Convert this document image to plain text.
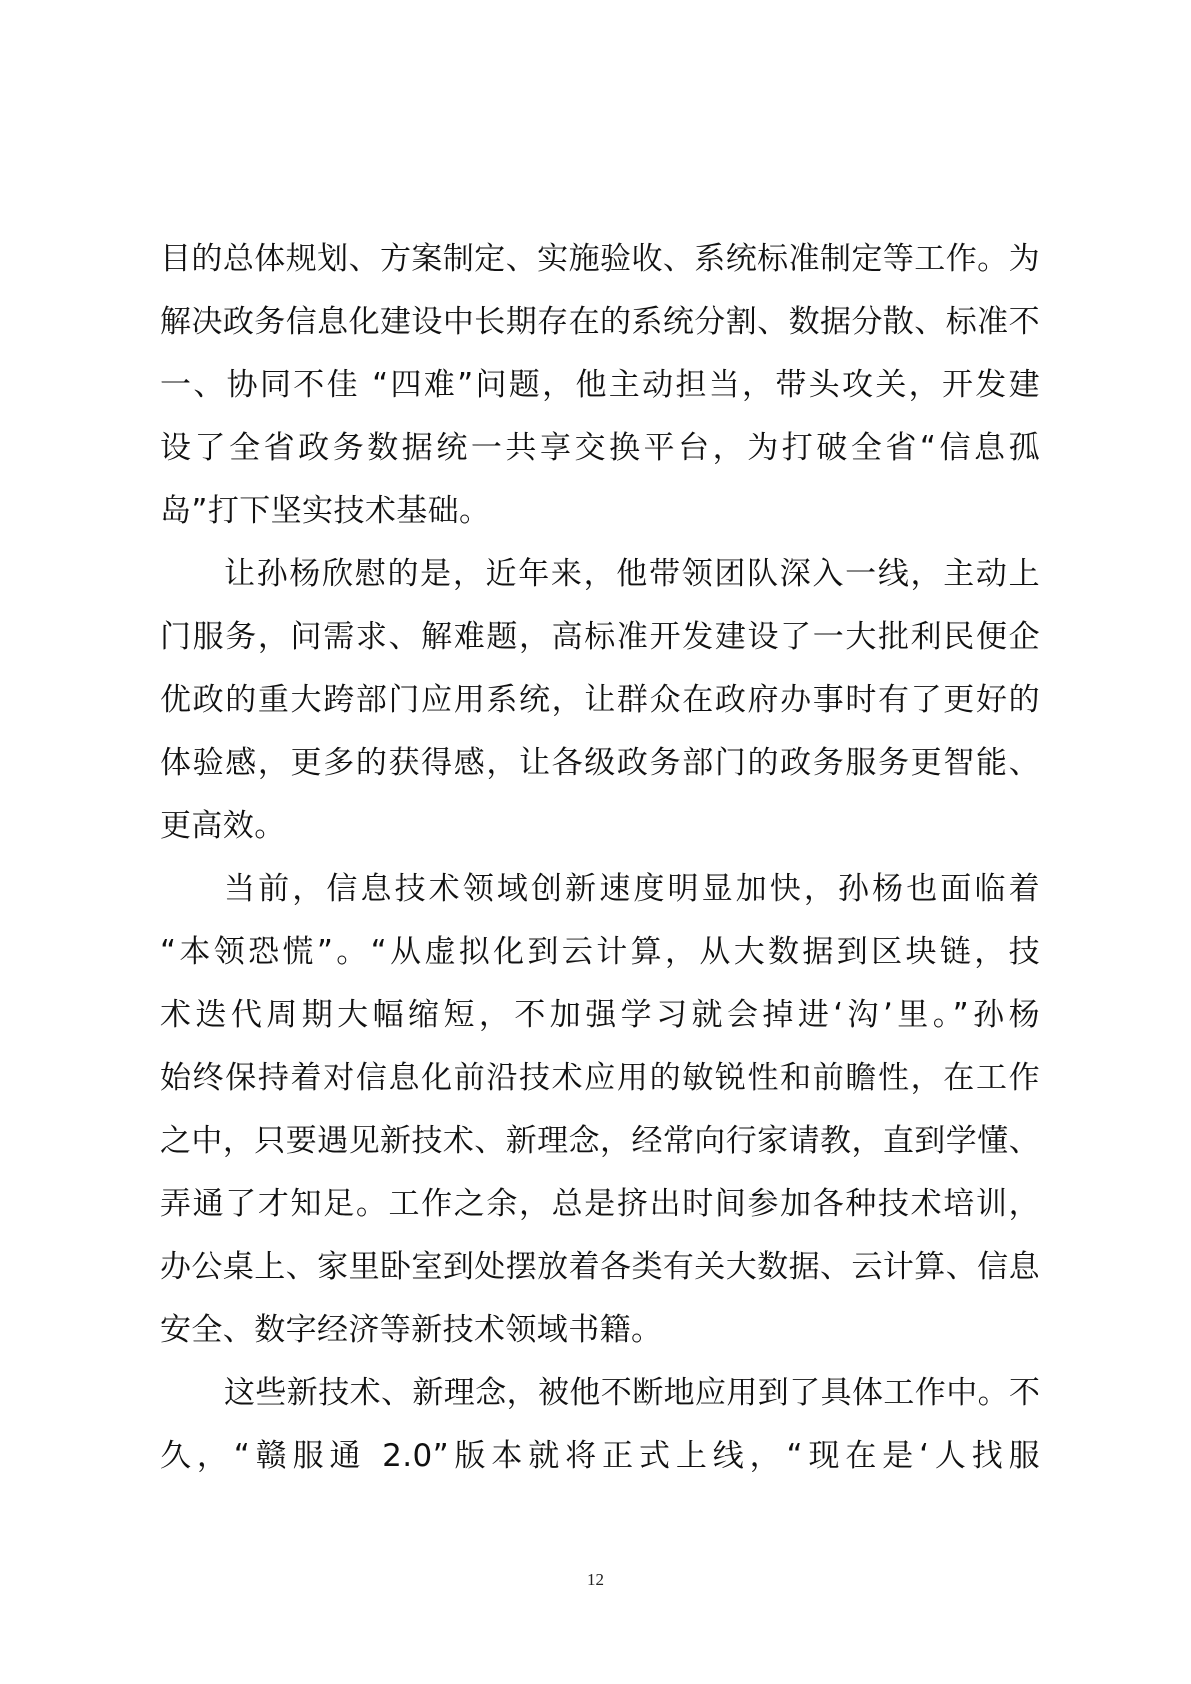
目的总体规划、方案制定、实施验收、系统标准制定等工作。为
解决政务信息化建设中长期存在的系统分割、数据分散、标准不
一、协同不佳 “四难”问题，他主动担当，带头攻关，开发建
设了全省政务数据统一共享交换平台，为打破全省“信息孤
岛”打下坚实技术基础。
让孙杨欣慰的是，近年来，他带领团队深入一线，主动上
门服务，问需求、解难题，高标准开发建设了一大批利民便企
优政的重大跨部门应用系统，让群众在政府办事时有了更好的
体验感，更多的获得感，让各级政务部门的政务服务更智能、
更高效。
当前，信息技术领域创新速度明显加快，孙杨也面临着
“本领恐慌”。“从虚拟化到云计算，从大数据到区块链，技
术迭代周期大幅缩短，不加强学习就会掉进‘沟’里。”孙杨
始终保持着对信息化前沿技术应用的敏锐性和前瞻性，在工作
之中，只要遇见新技术、新理念，经常向行家请教，直到学懂、
弄通了才知足。工作之余，总是挤出时间参加各种技术培训，
办公桌上、家里卧室到处摆放着各类有关大数据、云计算、信息
安全、数字经济等新技术领域书籍。
这些新技术、新理念，被他不断地应用到了具体工作中。不
久，“赣服通 2.0”版本就将正式上线，“现在是‘人找服
12
